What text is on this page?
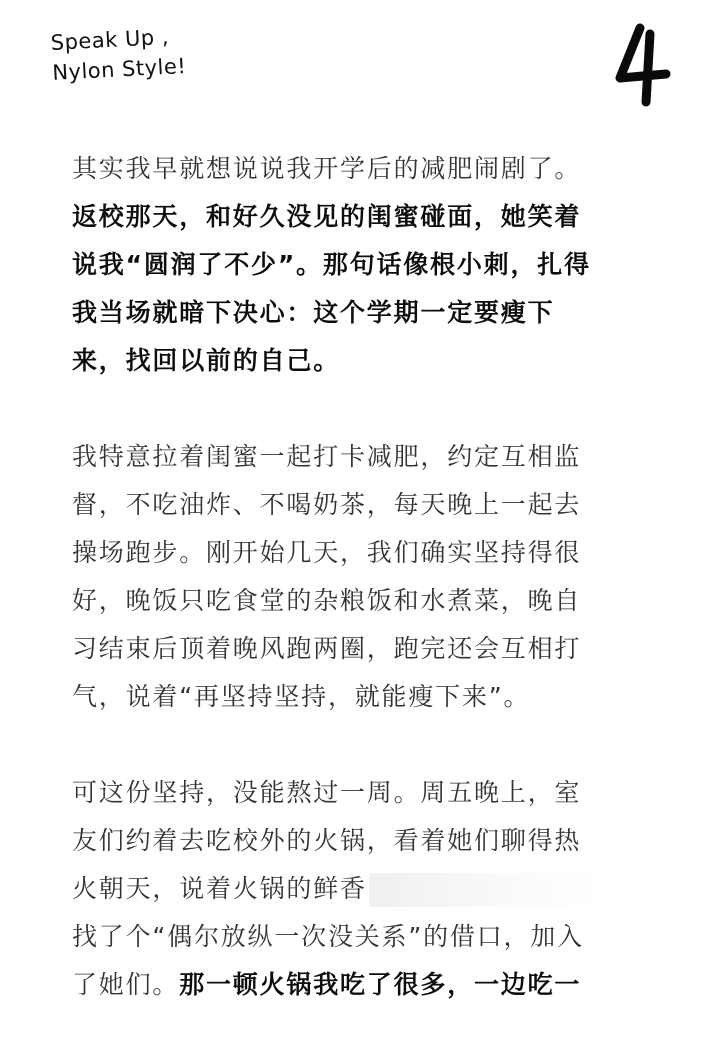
Speak Up ,
Nylon Style!
4
其实我早就想说说我开学后的减肥闹剧了。
返校那天，和好久没见的闺蜜碰面，她笑着
说我“圆润了不少”。那句话像根小刺，扎得
我当场就暗下决心：这个学期一定要瘦下
来，找回以前的自己。
我特意拉着闺蜜一起打卡减肥，约定互相监
督，不吃油炸、不喝奶茶，每天晚上一起去
操场跑步。刚开始几天，我们确实坚持得很
好，晚饭只吃食堂的杂粮饭和水煮菜，晚自
习结束后顶着晚风跑两圈，跑完还会互相打
气，说着“再坚持坚持，就能瘦下来”。
可这份坚持，没能熬过一周。周五晚上，室
友们约着去吃校外的火锅，看着她们聊得热
火朝天，说着火锅的鲜香
找了个“偶尔放纵一次没关系”的借口，加入
了她们。那一顿火锅我吃了很多，一边吃一
